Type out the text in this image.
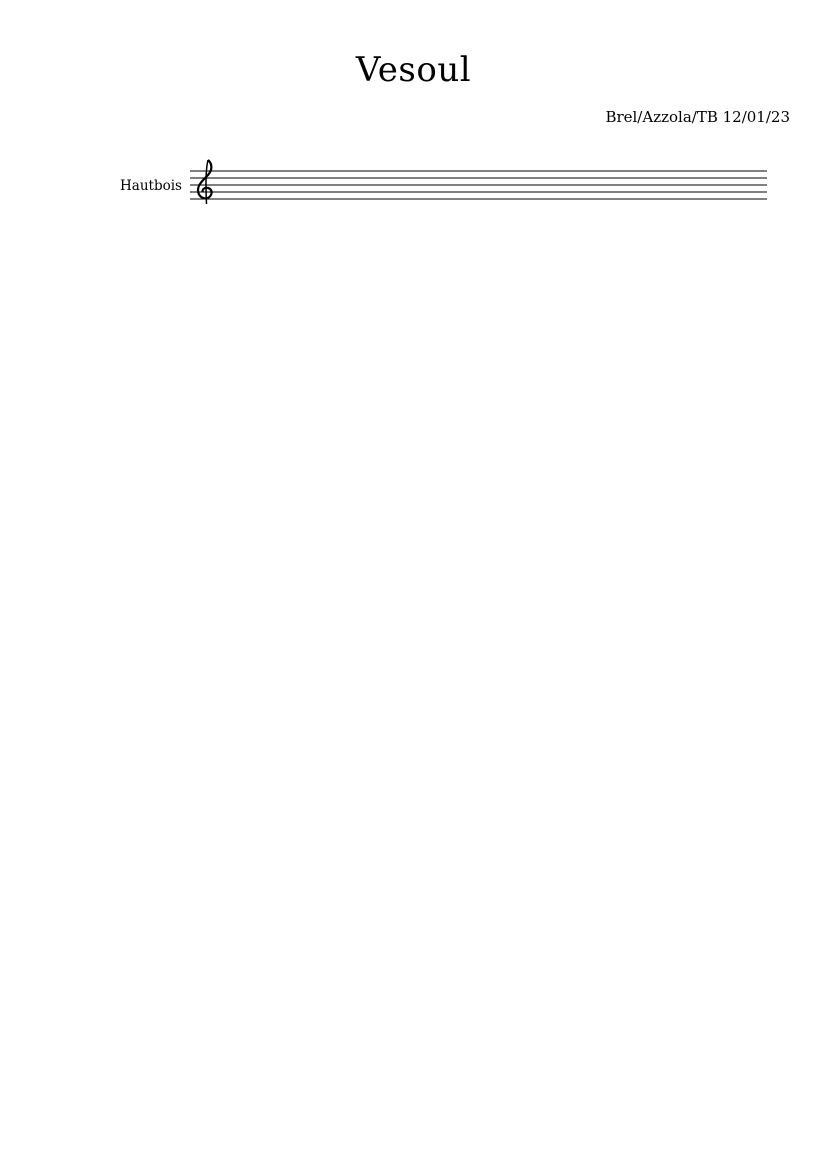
Vesoul
Brel/Azzola/TB 12/01/23
Hautbois
